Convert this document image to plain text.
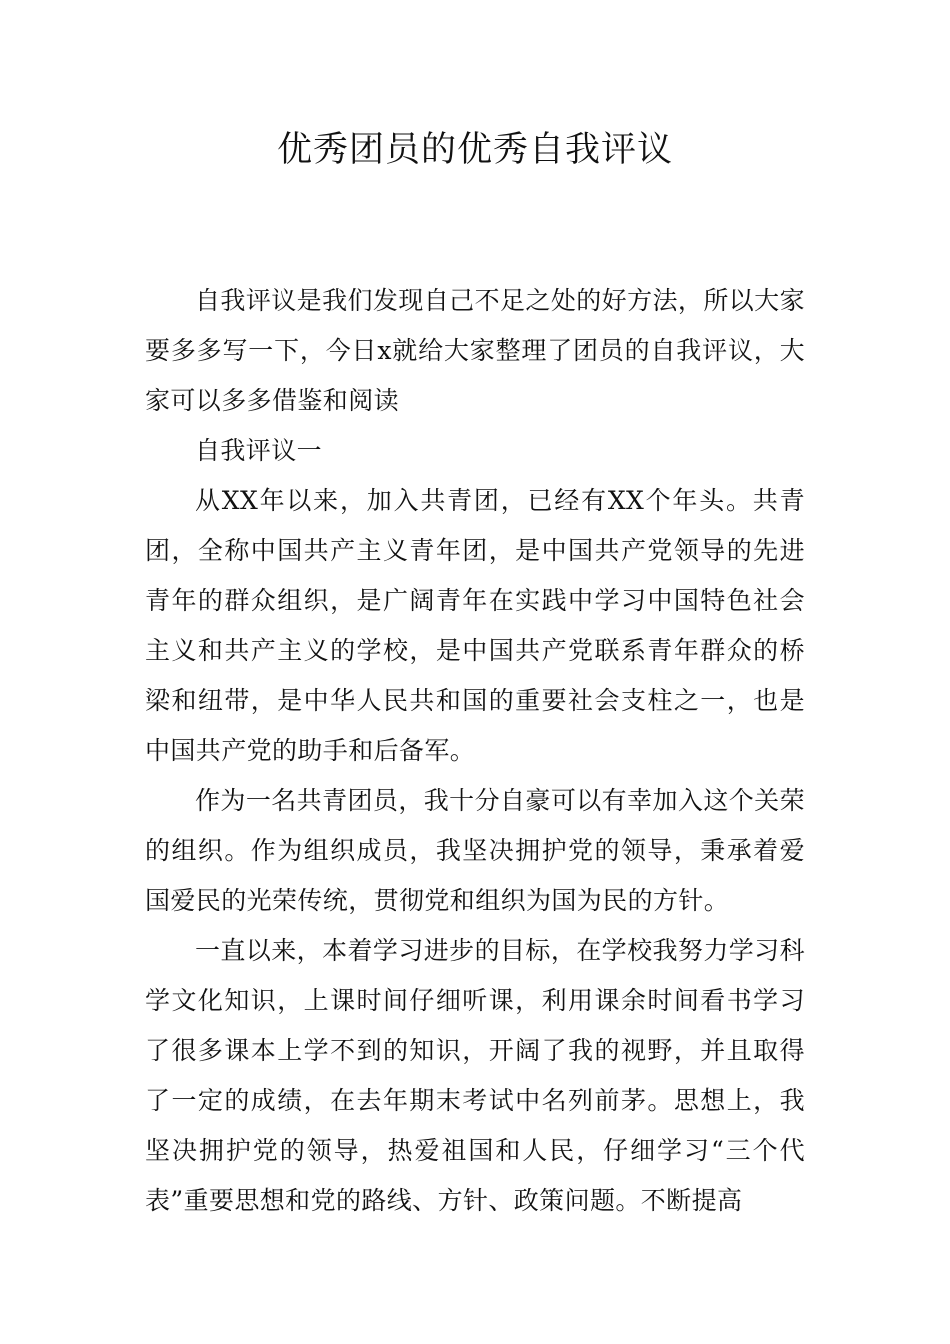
优秀团员的优秀自我评议

自我评议是我们发现自己不足之处的好方法，所以大家要多多写一下，今日x就给大家整理了团员的自我评议，大家可以多多借鉴和阅读

自我评议一

从XX年以来，加入共青团，已经有XX个年头。共青团，全称中国共产主义青年团，是中国共产党领导的先进青年的群众组织，是广阔青年在实践中学习中国特色社会主义和共产主义的学校，是中国共产党联系青年群众的桥梁和纽带，是中华人民共和国的重要社会支柱之一，也是中国共产党的助手和后备军。

作为一名共青团员，我十分自豪可以有幸加入这个关荣的组织。作为组织成员，我坚决拥护党的领导，秉承着爱国爱民的光荣传统，贯彻党和组织为国为民的方针。

一直以来，本着学习进步的目标，在学校我努力学习科学文化知识，上课时间仔细听课，利用课余时间看书学习了很多课本上学不到的知识，开阔了我的视野，并且取得了一定的成绩，在去年期末考试中名列前茅。思想上，我坚决拥护党的领导，热爱祖国和人民，仔细学习“三个代表”重要思想和党的路线、方针、政策问题。不断提高
